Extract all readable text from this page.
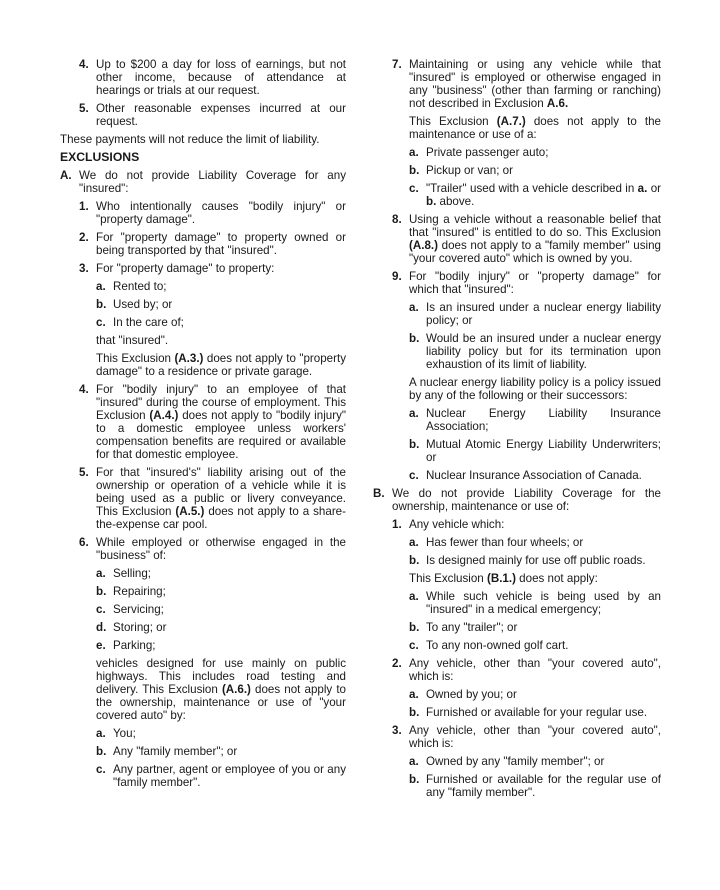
4. Up to $200 a day for loss of earnings, but not other income, because of attendance at hearings or trials at our request.
5. Other reasonable expenses incurred at our request.
These payments will not reduce the limit of liability.
EXCLUSIONS
A. We do not provide Liability Coverage for any "insured":
1. Who intentionally causes "bodily injury" or "property damage".
2. For "property damage" to property owned or being transported by that "insured".
3. For "property damage" to property:
a. Rented to;
b. Used by; or
c. In the care of;
that "insured".
This Exclusion (A.3.) does not apply to "property damage" to a residence or private garage.
4. For "bodily injury" to an employee of that "insured" during the course of employment. This Exclusion (A.4.) does not apply to "bodily injury" to a domestic employee unless workers' compensation benefits are required or available for that domestic employee.
5. For that "insured's" liability arising out of the ownership or operation of a vehicle while it is being used as a public or livery conveyance. This Exclusion (A.5.) does not apply to a share-the-expense car pool.
6. While employed or otherwise engaged in the "business" of:
a. Selling;
b. Repairing;
c. Servicing;
d. Storing; or
e. Parking;
vehicles designed for use mainly on public highways. This includes road testing and delivery. This Exclusion (A.6.) does not apply to the ownership, maintenance or use of "your covered auto" by:
a. You;
b. Any "family member"; or
c. Any partner, agent or employee of you or any "family member".
7. Maintaining or using any vehicle while that "insured" is employed or otherwise engaged in any "business" (other than farming or ranching) not described in Exclusion A.6.
This Exclusion (A.7.) does not apply to the maintenance or use of a:
a. Private passenger auto;
b. Pickup or van; or
c. "Trailer" used with a vehicle described in a. or b. above.
8. Using a vehicle without a reasonable belief that that "insured" is entitled to do so. This Exclusion (A.8.) does not apply to a "family member" using "your covered auto" which is owned by you.
9. For "bodily injury" or "property damage" for which that "insured":
a. Is an insured under a nuclear energy liability policy; or
b. Would be an insured under a nuclear energy liability policy but for its termination upon exhaustion of its limit of liability.
A nuclear energy liability policy is a policy issued by any of the following or their successors:
a. Nuclear Energy Liability Insurance Association;
b. Mutual Atomic Energy Liability Underwriters; or
c. Nuclear Insurance Association of Canada.
B. We do not provide Liability Coverage for the ownership, maintenance or use of:
1. Any vehicle which:
a. Has fewer than four wheels; or
b. Is designed mainly for use off public roads.
This Exclusion (B.1.) does not apply:
a. While such vehicle is being used by an "insured" in a medical emergency;
b. To any "trailer"; or
c. To any non-owned golf cart.
2. Any vehicle, other than "your covered auto", which is:
a. Owned by you; or
b. Furnished or available for your regular use.
3. Any vehicle, other than "your covered auto", which is:
a. Owned by any "family member"; or
b. Furnished or available for the regular use of any "family member".
